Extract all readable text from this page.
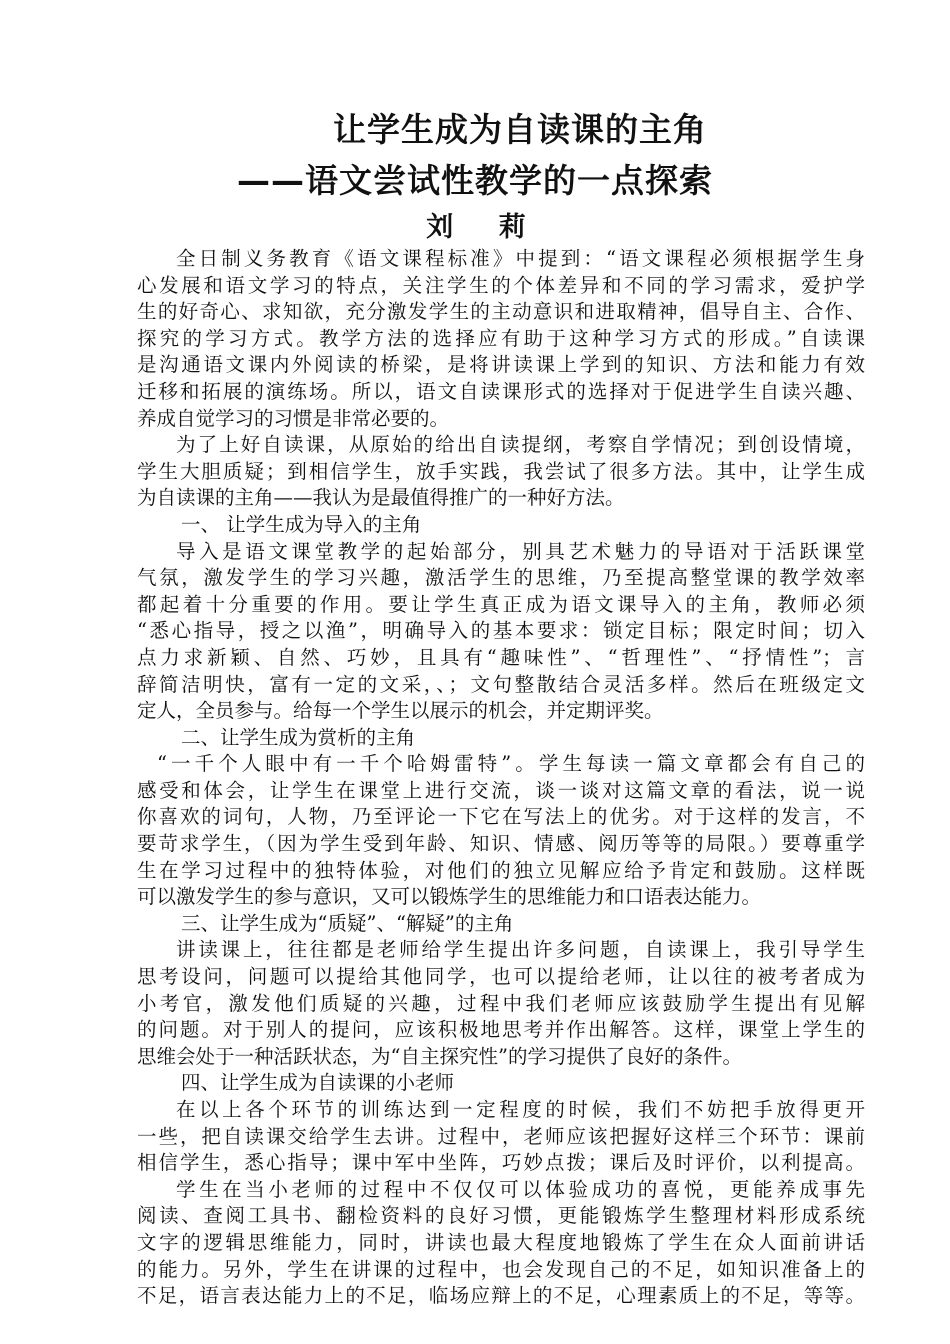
让学生成为自读课的主角
——语文尝试性教学的一点探索
刘 莉
全日制义务教育《语文课程标准》中提到：“语文课程必须根据学生身
心发展和语文学习的特点，关注学生的个体差异和不同的学习需求，爱护学
生的好奇心、求知欲，充分激发学生的主动意识和进取精神，倡导自主、合作、
探究的学习方式。教学方法的选择应有助于这种学习方式的形成。”自读课
是沟通语文课内外阅读的桥梁，是将讲读课上学到的知识、方法和能力有效
迁移和拓展的演练场。所以，语文自读课形式的选择对于促进学生自读兴趣、
养成自觉学习的习惯是非常必要的。
为了上好自读课，从原始的给出自读提纲，考察自学情况；到创设情境，
学生大胆质疑；到相信学生，放手实践，我尝试了很多方法。其中，让学生成
为自读课的主角——我认为是最值得推广的一种好方法。
一、 让学生成为导入的主角
导入是语文课堂教学的起始部分，别具艺术魅力的导语对于活跃课堂
气氛，激发学生的学习兴趣，激活学生的思维，乃至提高整堂课的教学效率
都起着十分重要的作用。要让学生真正成为语文课导入的主角，教师必须
“悉心指导，授之以渔”，明确导入的基本要求：锁定目标；限定时间；切入
点力求新颖、自然、巧妙，且具有“趣味性”、“哲理性”、“抒情性”；言
辞简洁明快，富有一定的文采，、；文句整散结合灵活多样。然后在班级定文
定人，全员参与。给每一个学生以展示的机会，并定期评奖。
二、让学生成为赏析的主角
“一千个人眼中有一千个哈姆雷特”。学生每读一篇文章都会有自己的
感受和体会，让学生在课堂上进行交流，谈一谈对这篇文章的看法，说一说
你喜欢的词句，人物，乃至评论一下它在写法上的优劣。对于这样的发言，不
要苛求学生，（因为学生受到年龄、知识、情感、阅历等等的局限。）要尊重学
生在学习过程中的独特体验，对他们的独立见解应给予肯定和鼓励。这样既
可以激发学生的参与意识，又可以锻炼学生的思维能力和口语表达能力。
三、让学生成为“质疑”、“解疑”的主角
讲读课上，往往都是老师给学生提出许多问题，自读课上，我引导学生
思考设问，问题可以提给其他同学，也可以提给老师，让以往的被考者成为
小考官，激发他们质疑的兴趣，过程中我们老师应该鼓励学生提出有见解
的问题。对于别人的提问，应该积极地思考并作出解答。这样，课堂上学生的
思维会处于一种活跃状态，为“自主探究性”的学习提供了良好的条件。
四、让学生成为自读课的小老师
在以上各个环节的训练达到一定程度的时候，我们不妨把手放得更开
一些，把自读课交给学生去讲。过程中，老师应该把握好这样三个环节：课前
相信学生，悉心指导；课中军中坐阵，巧妙点拨；课后及时评价，以利提高。
学生在当小老师的过程中不仅仅可以体验成功的喜悦，更能养成事先
阅读、查阅工具书、翻检资料的良好习惯，更能锻炼学生整理材料形成系统
文字的逻辑思维能力，同时，讲读也最大程度地锻炼了学生在众人面前讲话
的能力。另外，学生在讲课的过程中，也会发现自己的不足，如知识准备上的
不足，语言表达能力上的不足，临场应辩上的不足，心理素质上的不足，等等。
